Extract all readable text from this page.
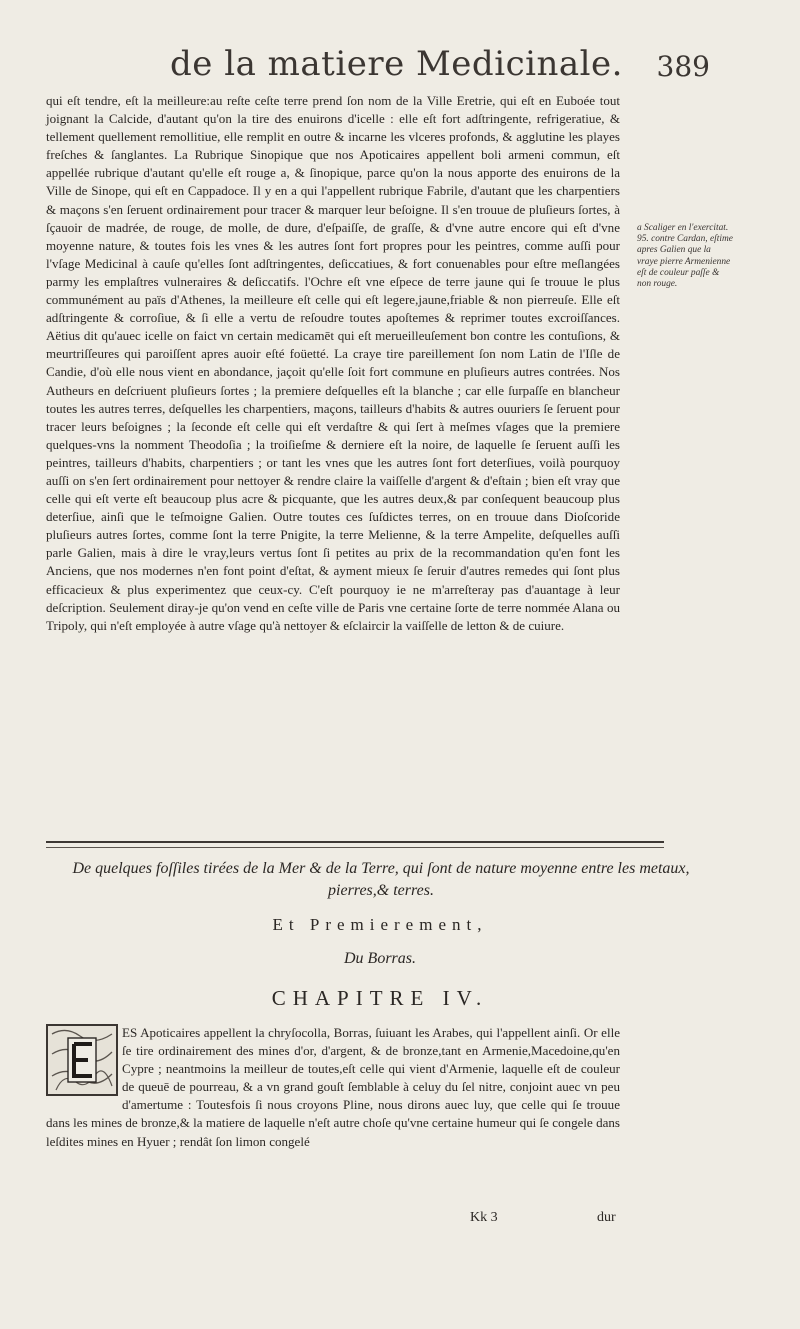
de la matiere Medicinale. 389

qui eſt tendre, eſt la meilleure:au reſte ceſte terre prend ſon nom de la Ville Eretrie, qui eſt en Euboée tout joignant la Calcide, d'autant qu'on la tire des enuirons d'icelle : elle eſt fort adſtringente, refrigeratiue, & tellement quellement remollitiue, elle remplit en outre & incarne les vlceres profonds, & agglutine les playes freſches & ſanglantes. La Rubrique Sinopique que nos Apoticaires appellent boli armeni commun, eſt appellée rubrique d'autant qu'elle eſt rouge a, & ſinopique, parce qu'on la nous apporte des enuirons de la Ville de Sinope, qui eſt en Cappadoce. Il y en a qui l'appellent rubrique Fabrile, d'autant que les charpentiers & maçons s'en ſeruent ordinairement pour tracer & marquer leur beſoigne. Il s'en trouue de pluſieurs ſortes, à ſçauoir de madrée, de rouge, de molle, de dure, d'eſpaiſſe, de graſſe, & d'vne autre encore qui eſt d'vne moyenne nature, & toutes fois les vnes & les autres ſont fort propres pour les peintres, comme auſſi pour l'vſage Medicinal à cauſe qu'elles ſont adſtringentes, deſiccatiues, & fort conuenables pour eſtre meſlangées parmy les emplaſtres vulneraires & deſiccatifs. l'Ochre eſt vne eſpece de terre jaune qui ſe trouue le plus communément au païs d'Athenes, la meilleure eſt celle qui eſt legere,jaune,friable & non pierreuſe. Elle eſt adſtringente & corroſiue, & ſi elle a vertu de reſoudre toutes apoſtemes & reprimer toutes excroiſſances. Aëtius dit qu'auec icelle on faict vn certain medicamēt qui eſt merueilleuſement bon contre les contuſions, & meurtriſſeures qui paroiſſent apres auoir eſté foüetté. La craye tire pareillement ſon nom Latin de l'Iſle de Candie, d'où elle nous vient en abondance, jaçoit qu'elle ſoit fort commune en pluſieurs autres contrées. Nos Autheurs en deſcriuent pluſieurs ſortes ; la premiere deſquelles eſt la blanche ; car elle ſurpaſſe en blancheur toutes les autres terres, deſquelles les charpentiers, maçons, tailleurs d'habits & autres ouuriers ſe ſeruent pour tracer leurs beſoignes ; la ſeconde eſt celle qui eſt verdaſtre & qui ſert à meſmes vſages que la premiere quelques-vns la nomment Theodoſia ; la troiſieſme & derniere eſt la noire, de laquelle ſe ſeruent auſſi les peintres, tailleurs d'habits, charpentiers ; or tant les vnes que les autres ſont fort deterſiues, voilà pourquoy auſſi on s'en ſert ordinairement pour nettoyer & rendre claire la vaiſſelle d'argent & d'eſtain ; bien eſt vray que celle qui eſt verte eſt beaucoup plus acre & picquante, que les autres deux,& par conſequent beaucoup plus deterſiue, ainſi que le teſmoigne Galien. Outre toutes ces ſuſdictes terres, on en trouue dans Dioſcoride pluſieurs autres ſortes, comme ſont la terre Pnigite, la terre Melienne, & la terre Ampelite, deſquelles auſſi parle Galien, mais à dire le vray,leurs vertus ſont ſi petites au prix de la recommandation qu'en font les Anciens, que nos modernes n'en font point d'eſtat, & ayment mieux ſe ſeruir d'autres remedes qui ſont plus efficacieux & plus experimentez que ceux-cy. C'eſt pourquoy ie ne m'arreſteray pas d'auantage à leur deſcription. Seulement diray-je qu'on vend en ceſte ville de Paris vne certaine ſorte de terre nommée Alana ou Tripoly, qui n'eſt employée à autre vſage qu'à nettoyer & eſclaircir la vaiſſelle de letton & de cuiure.

a Scaliger en l'exercitat. 95. contre Cardan, eſtime apres Galien que la vraye pierre Armenienne eſt de couleur paſſe & non rouge.
De quelques foſſiles tirées de la Mer & de la Terre, qui ſont de nature moyenne entre les metaux, pierres,& terres.
Et Premierement,
Du Borras.
CHAPITRE IV.
ES Apoticaires appellent la chryſocolla, Borras, ſuiuant les Arabes, qui l'appellent ainſi. Or elle ſe tire ordinairement des mines d'or, d'argent, & de bronze,tant en Armenie,Macedoine,qu'en Cypre ; neantmoins la meilleur de toutes,eſt celle qui vient d'Armenie, laquelle eſt de couleur de queuē de pourreau, & a vn grand gouſt ſemblable à celuy du ſel nitre, conjoint auec vn peu d'amertume : Toutesfois ſi nous croyons Pline, nous dirons auec luy, que celle qui ſe trouue dans les mines de bronze,& la matiere de laquelle n'eſt autre choſe qu'vne certaine humeur qui ſe congele dans leſdites mines en Hyuer ; rendât ſon limon congelé
Kk 3	dur
